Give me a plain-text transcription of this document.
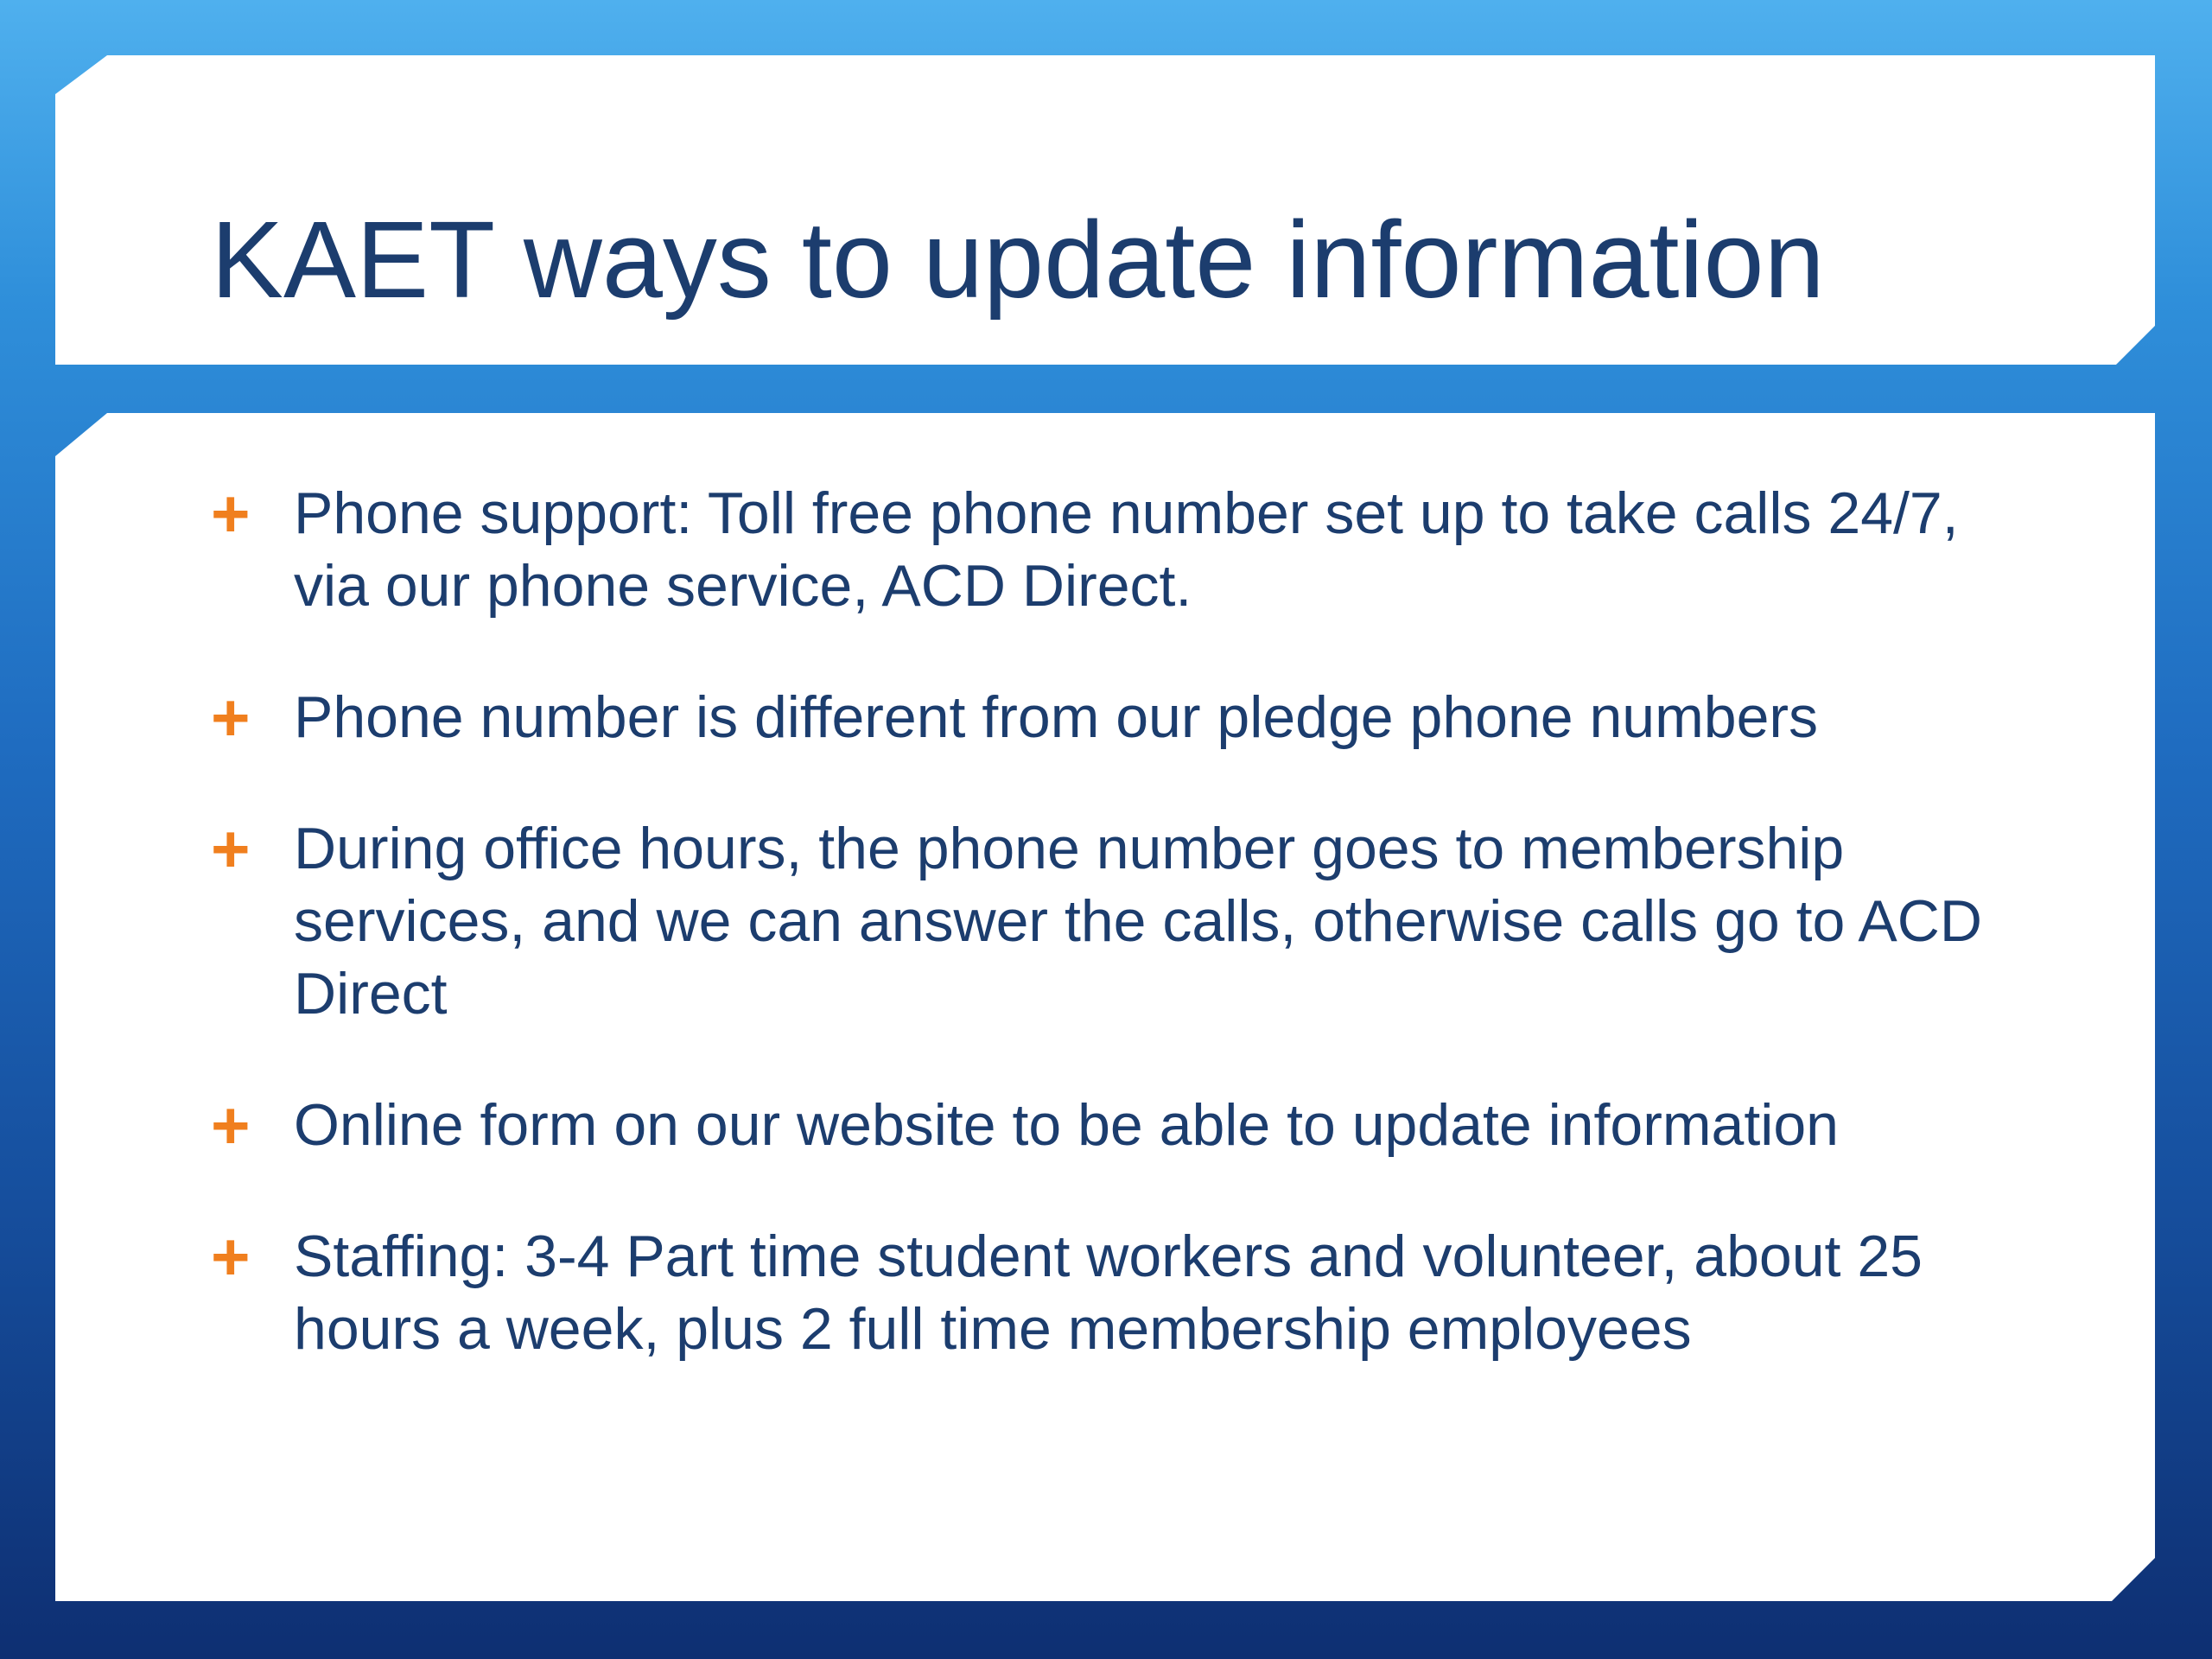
KAET ways to update information
+ Phone support: Toll free phone number set up to take calls 24/7, via our phone service, ACD Direct.
+ Phone number is different from our pledge phone numbers
+ During office hours, the phone number goes to membership services, and we can answer the calls, otherwise calls go to ACD Direct
+ Online form on our website to be able to update information
+ Staffing: 3-4 Part time student workers and volunteer, about 25 hours a week, plus 2 full time membership employees
